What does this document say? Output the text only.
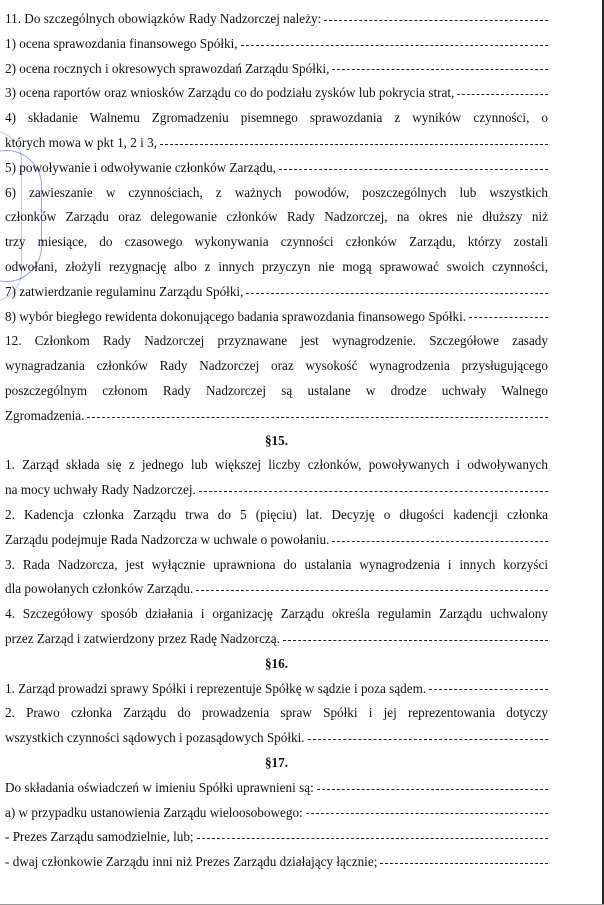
11. Do szczególnych obowiązków Rady Nadzorczej należy:
1) ocena sprawozdania finansowego Spółki,
2) ocena rocznych i okresowych sprawozdań Zarządu Spółki,
3) ocena raportów oraz wniosków Zarządu co do podziału zysków lub pokrycia strat,
4) składanie Walnemu Zgromadzeniu pisemnego sprawozdania z wyników czynności, o
których mowa w pkt 1, 2 i 3,
5) powoływanie i odwoływanie członków Zarządu,
6) zawieszanie w czynnościach, z ważnych powodów, poszczególnych lub wszystkich
członków Zarządu oraz delegowanie członków Rady Nadzorczej, na okres nie dłuższy niż
trzy miesiące, do czasowego wykonywania czynności członków Zarządu, którzy zostali
odwołani, złożyli rezygnację albo z innych przyczyn nie mogą sprawować swoich czynności,
7) zatwierdzanie regulaminu Zarządu Spółki,
8) wybór biegłego rewidenta dokonującego badania sprawozdania finansowego Spółki.
12. Członkom Rady Nadzorczej przyznawane jest wynagrodzenie. Szczegółowe zasady
wynagradzania członków Rady Nadzorczej oraz wysokość wynagrodzenia przysługującego
poszczególnym członom Rady Nadzorczej są ustalane w drodze uchwały Walnego
Zgromadzenia.
§15.
1. Zarząd składa się z jednego lub większej liczby członków, powoływanych i odwoływanych
na mocy uchwały Rady Nadzorczej.
2. Kadencja członka Zarządu trwa do 5 (pięciu) lat. Decyzję o długości kadencji członka
Zarządu podejmuje Rada Nadzorcza w uchwale o powołaniu.
3. Rada Nadzorcza, jest wyłącznie uprawniona do ustalania wynagrodzenia i innych korzyści
dla powołanych członków Zarządu.
4. Szczegółowy sposób działania i organizację Zarządu określa regulamin Zarządu uchwalony
przez Zarząd i zatwierdzony przez Radę Nadzorczą.
§16.
1. Zarząd prowadzi sprawy Spółki i reprezentuje Spółkę w sądzie i poza sądem.
2. Prawo członka Zarządu do prowadzenia spraw Spółki i jej reprezentowania dotyczy
wszystkich czynności sądowych i pozasądowych Spółki.
§17.
Do składania oświadczeń w imieniu Spółki uprawnieni są:
a) w przypadku ustanowienia Zarządu wieloosobowego:
- Prezes Zarządu samodzielnie, lub;
- dwaj członkowie Zarządu inni niż Prezes Zarządu działający łącznie;
